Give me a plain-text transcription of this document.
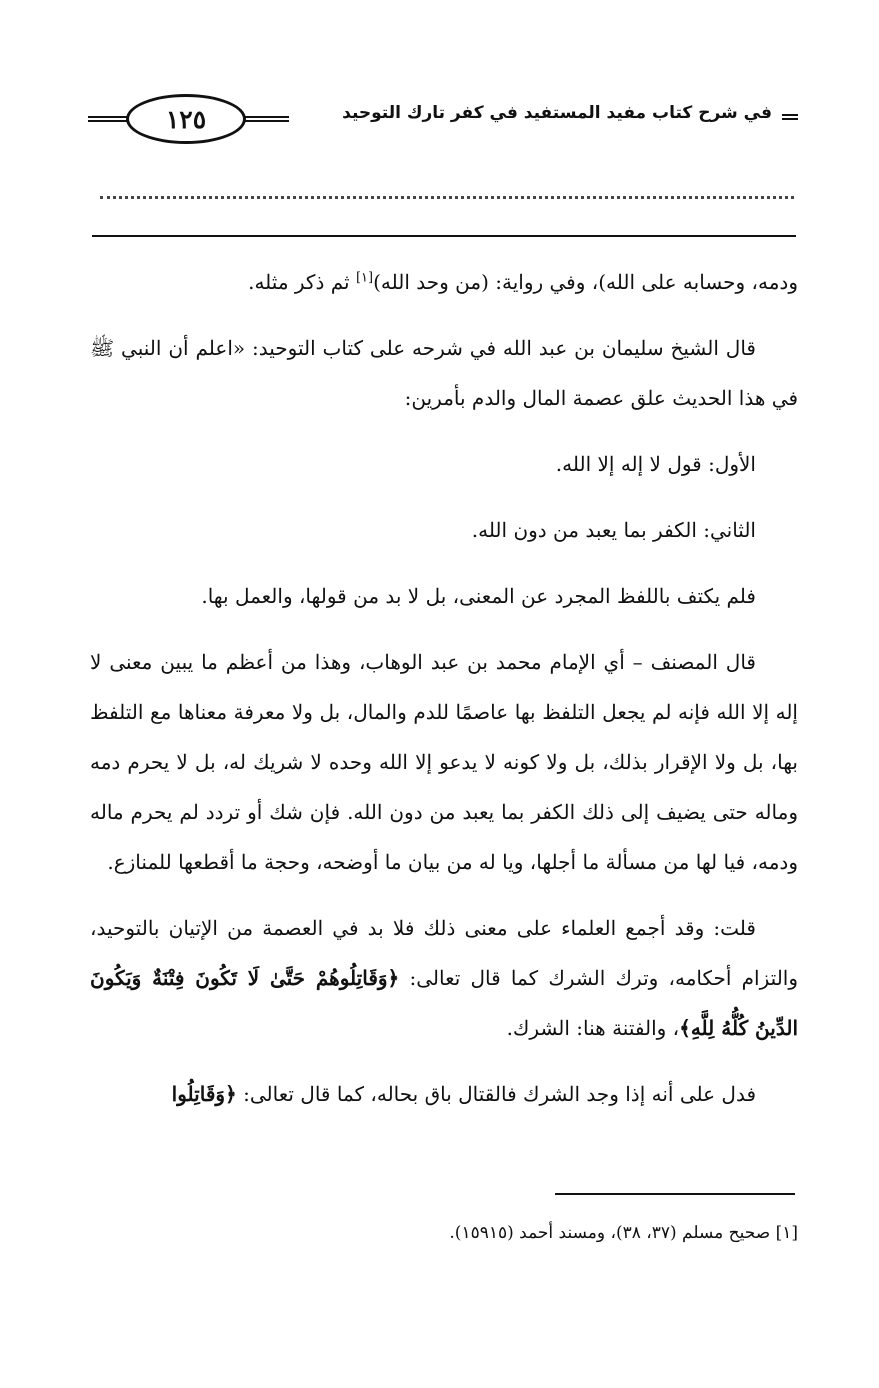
١٢٥	في شرح كتاب مفيد المستفيد في كفر تارك التوحيد

ودمه، وحسابه على الله)، وفي رواية: (من وحد الله)[١] ثم ذكر مثله.

قال الشيخ سليمان بن عبد الله في شرحه على كتاب التوحيد: «اعلم أن النبي ﷺ في هذا الحديث علق عصمة المال والدم بأمرين:

الأول: قول لا إله إلا الله.

الثاني: الكفر بما يعبد من دون الله.

فلم يكتف باللفظ المجرد عن المعنى، بل لا بد من قولها، والعمل بها.

قال المصنف – أي الإمام محمد بن عبد الوهاب، وهذا من أعظم ما يبين معنى لا إله إلا الله فإنه لم يجعل التلفظ بها عاصمًا للدم والمال، بل ولا معرفة معناها مع التلفظ بها، بل ولا الإقرار بذلك، بل ولا كونه لا يدعو إلا الله وحده لا شريك له، بل لا يحرم دمه وماله حتى يضيف إلى ذلك الكفر بما يعبد من دون الله. فإن شك أو تردد لم يحرم ماله ودمه، فيا لها من مسألة ما أجلها، ويا له من بيان ما أوضحه، وحجة ما أقطعها للمنازع.

قلت: وقد أجمع العلماء على معنى ذلك فلا بد في العصمة من الإتيان بالتوحيد، والتزام أحكامه، وترك الشرك كما قال تعالى: ﴿وَقَاتِلُوهُمْ حَتَّىٰ لَا تَكُونَ فِتْنَةٌ وَيَكُونَ الدِّينُ كُلُّهُ لِلَّهِ﴾، والفتنة هنا: الشرك.

فدل على أنه إذا وجد الشرك فالقتال باق بحاله، كما قال تعالى: ﴿وَقَاتِلُوا

[١] صحيح مسلم (٣٧، ٣٨)، ومسند أحمد (١٥٩١٥).
